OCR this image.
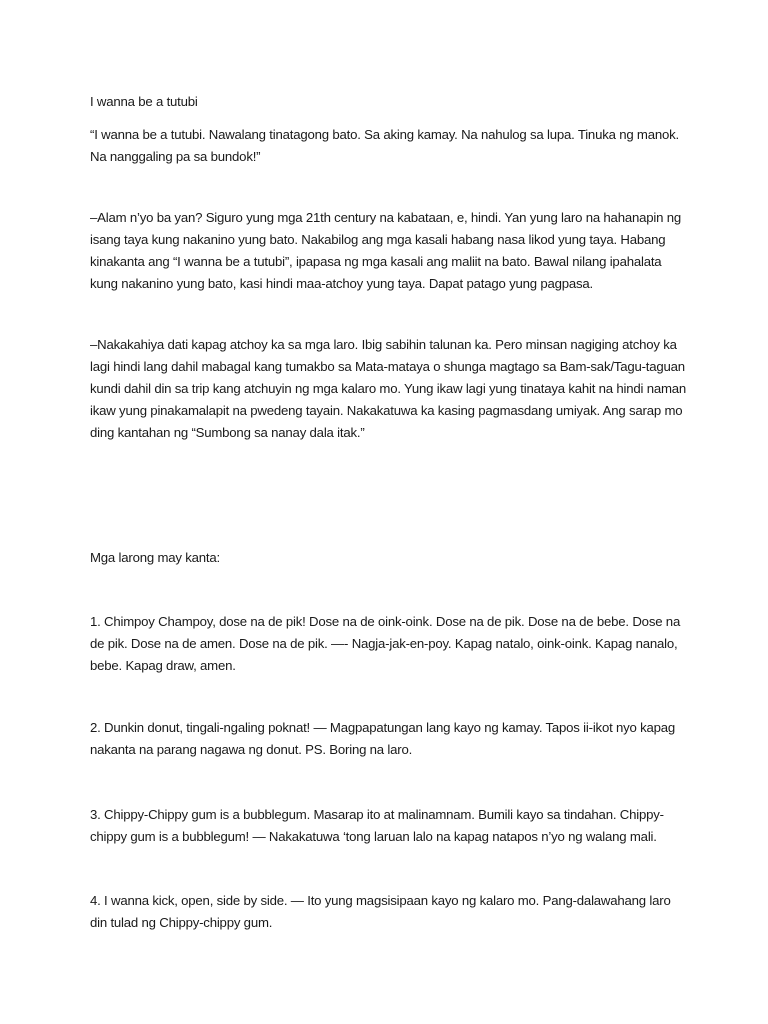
I wanna be a tutubi

“I wanna be a tutubi. Nawalang tinatagong bato. Sa aking kamay. Na nahulog sa lupa. Tinuka ng manok. Na nanggaling pa sa bundok!”

–Alam n’yo ba yan? Siguro yung mga 21th century na kabataan, e, hindi. Yan yung laro na hahanapin ng isang taya kung nakanino yung bato. Nakabilog ang mga kasali habang nasa likod yung taya. Habang kinakanta ang “I wanna be a tutubi”, ipapasa ng mga kasali ang maliit na bato. Bawal nilang ipahalata kung nakanino yung bato, kasi hindi maa-atchoy yung taya. Dapat patago yung pagpasa.

–Nakakahiya dati kapag atchoy ka sa mga laro. Ibig sabihin talunan ka. Pero minsan nagiging atchoy ka lagi hindi lang dahil mabagal kang tumakbo sa Mata-mataya o shunga magtago sa Bam-sak/Tagu-taguan kundi dahil din sa trip kang atchuyin ng mga kalaro mo. Yung ikaw lagi yung tinataya kahit na hindi naman ikaw yung pinakamalapit na pwedeng tayain. Nakakatuwa ka kasing pagmasdang umiyak. Ang sarap mo ding kantahan ng “Sumbong sa nanay dala itak.”

Mga larong may kanta:

1. Chimpoy Champoy, dose na de pik! Dose na de oink-oink. Dose na de pik. Dose na de bebe. Dose na de pik. Dose na de amen. Dose na de pik. —- Nagja-jak-en-poy. Kapag natalo, oink-oink. Kapag nanalo, bebe. Kapag draw, amen.

2. Dunkin donut, tingali-ngaling poknat! — Magpapatungan lang kayo ng kamay. Tapos ii-ikot nyo kapag nakanta na parang nagawa ng donut. PS. Boring na laro.

3. Chippy-Chippy gum is a bubblegum. Masarap ito at malinamnam. Bumili kayo sa tindahan. Chippy-chippy gum is a bubblegum! — Nakakatuwa ‘tong laruan lalo na kapag natapos n’yo ng walang mali.

4. I wanna kick, open, side by side. — Ito yung magsisipaan kayo ng kalaro mo. Pang-dalawahang laro din tulad ng Chippy-chippy gum.
